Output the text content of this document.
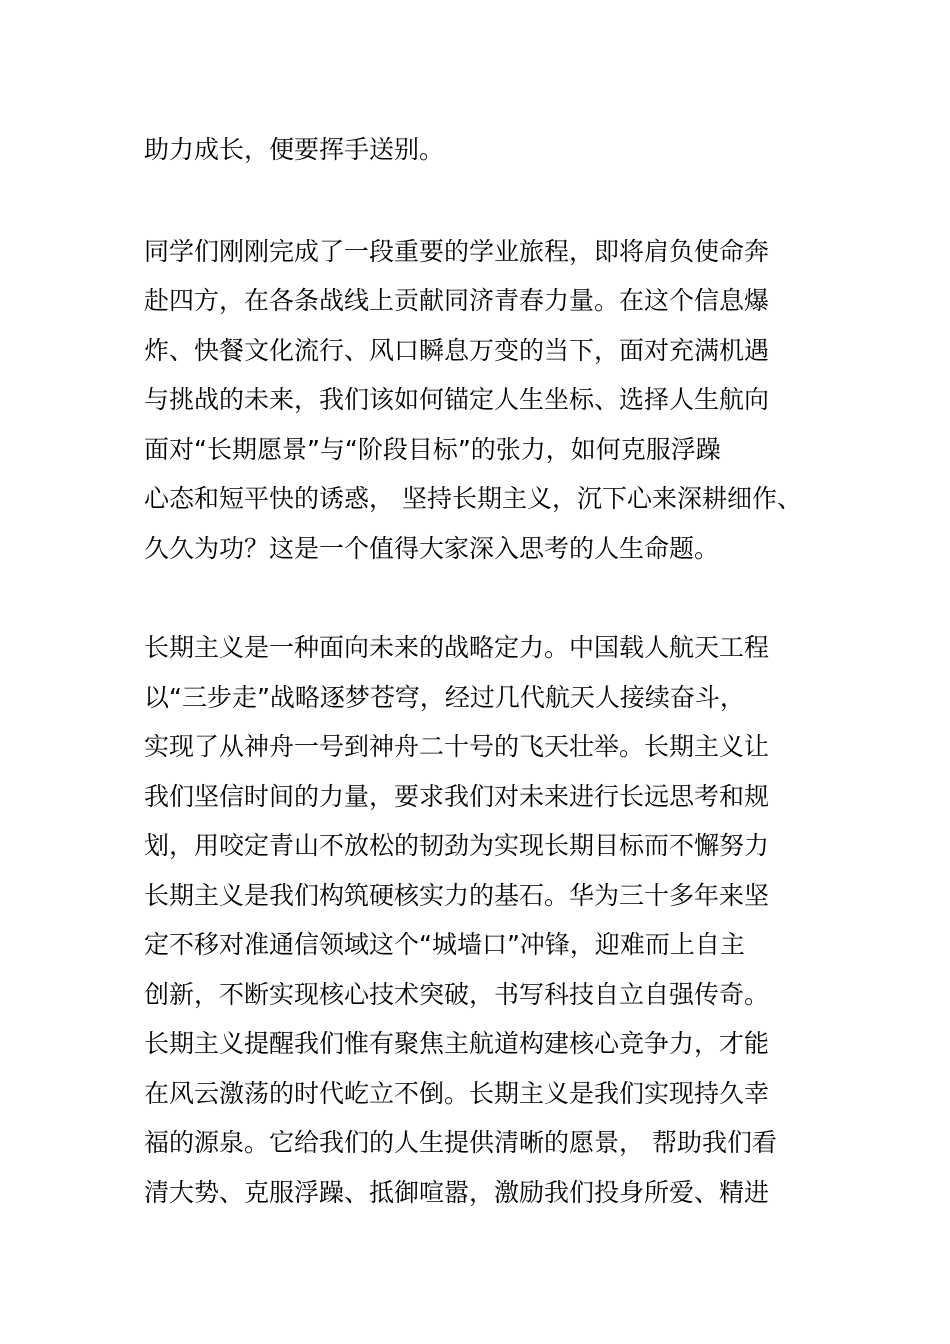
助力成长，便要挥手送别。
同学们刚刚完成了一段重要的学业旅程，即将肩负使命奔
赴四方，在各条战线上贡献同济青春力量。在这个信息爆
炸、快餐文化流行、风口瞬息万变的当下，面对充满机遇
与挑战的未来，我们该如何锚定人生坐标、选择人生航向
面对“长期愿景”与“阶段目标”的张力，如何克服浮躁
心态和短平快的诱惑， 坚持长期主义，沉下心来深耕细作、
久久为功？这是一个值得大家深入思考的人生命题。
长期主义是一种面向未来的战略定力。中国载人航天工程
以“三步走”战略逐梦苍穹，经过几代航天人接续奋斗，
实现了从神舟一号到神舟二十号的飞天壮举。长期主义让
我们坚信时间的力量，要求我们对未来进行长远思考和规
划，用咬定青山不放松的韧劲为实现长期目标而不懈努力
长期主义是我们构筑硬核实力的基石。华为三十多年来坚
定不移对准通信领域这个“城墙口”冲锋，迎难而上自主
创新，不断实现核心技术突破，书写科技自立自强传奇。
长期主义提醒我们惟有聚焦主航道构建核心竞争力，才能
在风云激荡的时代屹立不倒。长期主义是我们实现持久幸
福的源泉。它给我们的人生提供清晰的愿景， 帮助我们看
清大势、克服浮躁、抵御喧嚣，激励我们投身所爱、精进
